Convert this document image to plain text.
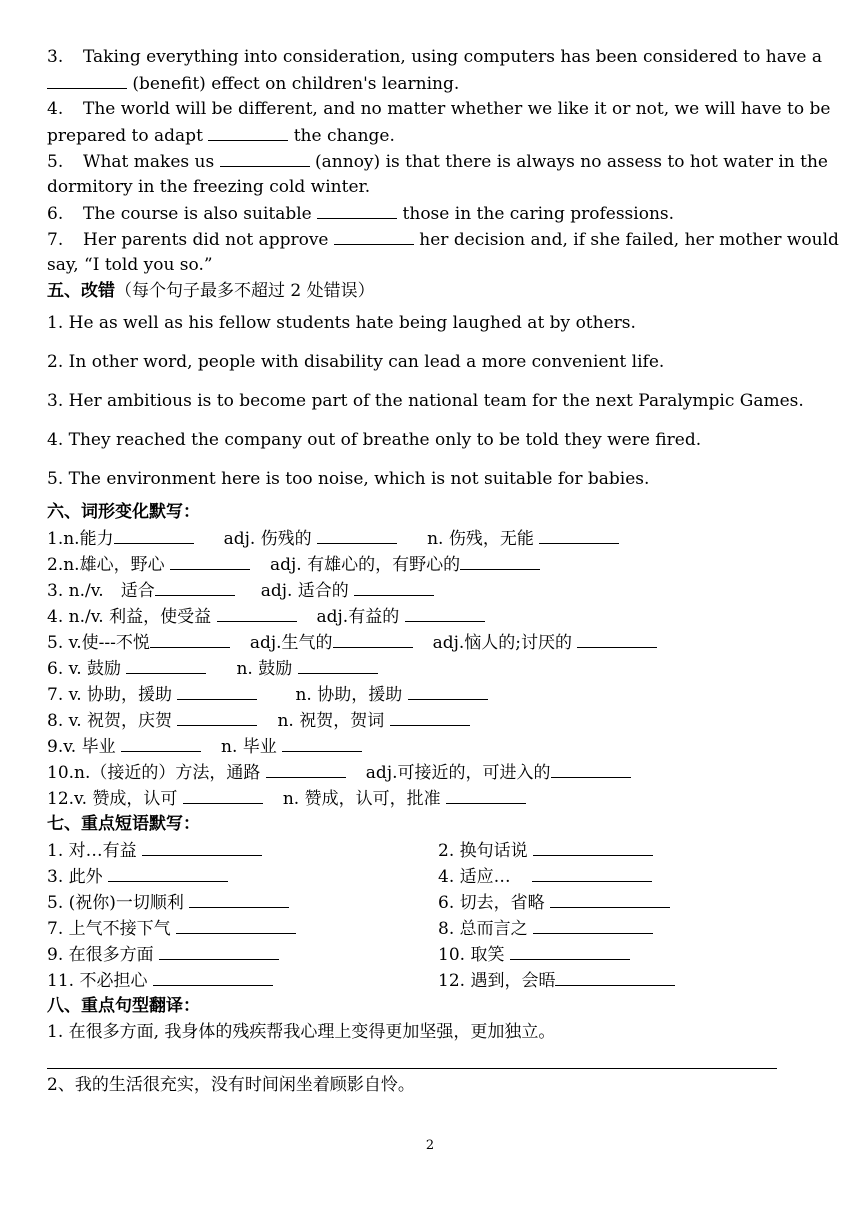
3. Taking everything into consideration, using computers has been considered to have a
(benefit) effect on children's learning.
4. The world will be different, and no matter whether we like it or not, we will have to be
prepared to adapt	the change.
5. What makes us	(annoy) is that there is always no assess to hot water in the
dormitory in the freezing cold winter.
6. The course is also suitable	those in the caring professions.
7. Her parents did not approve	her decision and, if she failed, her mother would
say, “I told you so.”
五、改错（每个句子最多不超过 2 处错误）
1. He as well as his fellow students hate being laughed at by others.
2. In other word, people with disability can lead a more convenient life.
3. Her ambitious is to become part of the national team for the next Paralympic Games.
4. They reached the company out of breathe only to be told they were fired.
5. The environment here is too noise, which is not suitable for babies.
六、词形变化默写：
1.n.能力	adj. 伤残的	n. 伤残，无能
2.n.雄心，野心	adj. 有雄心的，有野心的
3. n./v.　适合	adj. 适合的
4. n./v. 利益，使受益	adj.有益的
5. v.使---不悦	adj.生气的	adj.恼人的;讨厌的
6. v. 鼓励	n. 鼓励
7. v. 协助，援助	n. 协助，援助
8. v. 祝贺，庆贺	n. 祝贺，贺词
9.v. 毕业	n. 毕业
10.n.（接近的）方法，通路	adj.可接近的，可进入的
12.v. 赞成，认可	n. 赞成，认可，批准
七、重点短语默写：
1. 对…有益	2. 换句话说
3. 此外	4. 适应…
5. (祝你)一切顺利	6. 切去，省略
7. 上气不接下气	8. 总而言之
9. 在很多方面	10. 取笑
11. 不必担心	12. 遇到，会晤
八、重点句型翻译：
1. 在很多方面, 我身体的残疾帮我心理上变得更加坚强，更加独立。
2、我的生活很充实，没有时间闲坐着顾影自怜。
2
